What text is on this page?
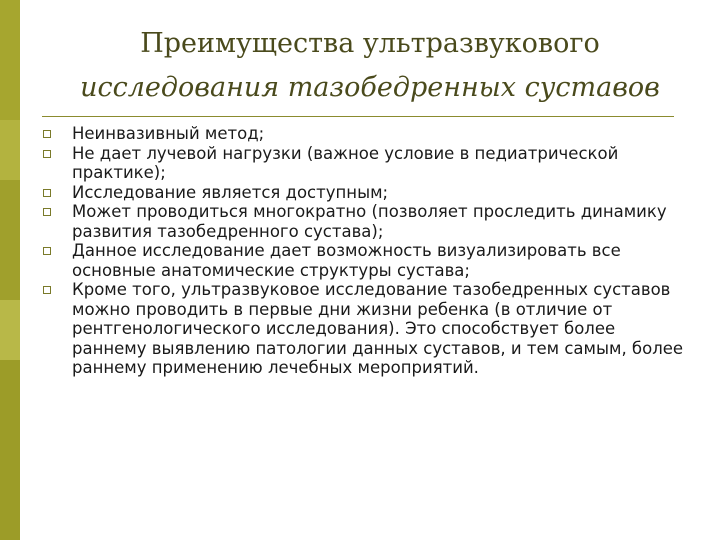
Преимущества ультразвукового
исследования тазобедренных суставов
Неинвазивный метод;
Не дает лучевой нагрузки (важное условие в педиатрической практике);
Исследование является доступным;
Может проводиться многократно (позволяет проследить динамику развития тазобедренного сустава);
Данное исследование дает возможность визуализировать все основные анатомические структуры сустава;
Кроме того, ультразвуковое исследование тазобедренных суставов можно проводить в первые дни жизни ребенка (в отличие от рентгенологического исследования). Это способствует более раннему выявлению патологии данных суставов, и тем самым, более раннему применению лечебных мероприятий.
